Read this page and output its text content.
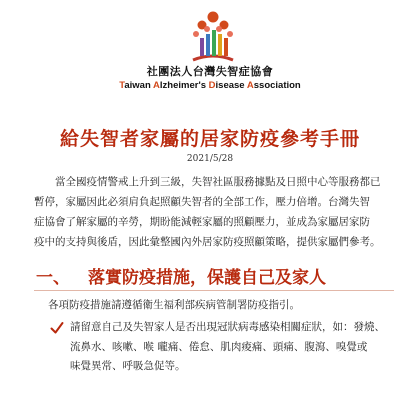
社團法人台灣失智症協會
Taiwan Alzheimer's Disease Association
給失智者家屬的居家防疫參考手冊
2021/5/28
　　當全國疫情警戒上升到三級，失智社區服務據點及日照中心等服務都已
暫停，家屬因此必須肩負起照顧失智者的全部工作，壓力倍增。台灣失智
症協會了解家屬的辛勞，期盼能減輕家屬的照顧壓力，並成為家屬居家防
疫中的支持與後盾，因此彙整國內外居家防疫照顧策略，提供家屬們參考。
一、 落實防疫措施，保護自己及家人
各項防疫措施請遵循衛生福利部疾病管制署防疫指引。
請留意自己及失智家人是否出現冠狀病毒感染相關症狀，如：發燒、
流鼻水、咳嗽、喉 嚨痛、倦怠、肌肉痠痛、頭痛、腹瀉、嗅覺或
味覺異常、呼吸急促等。
